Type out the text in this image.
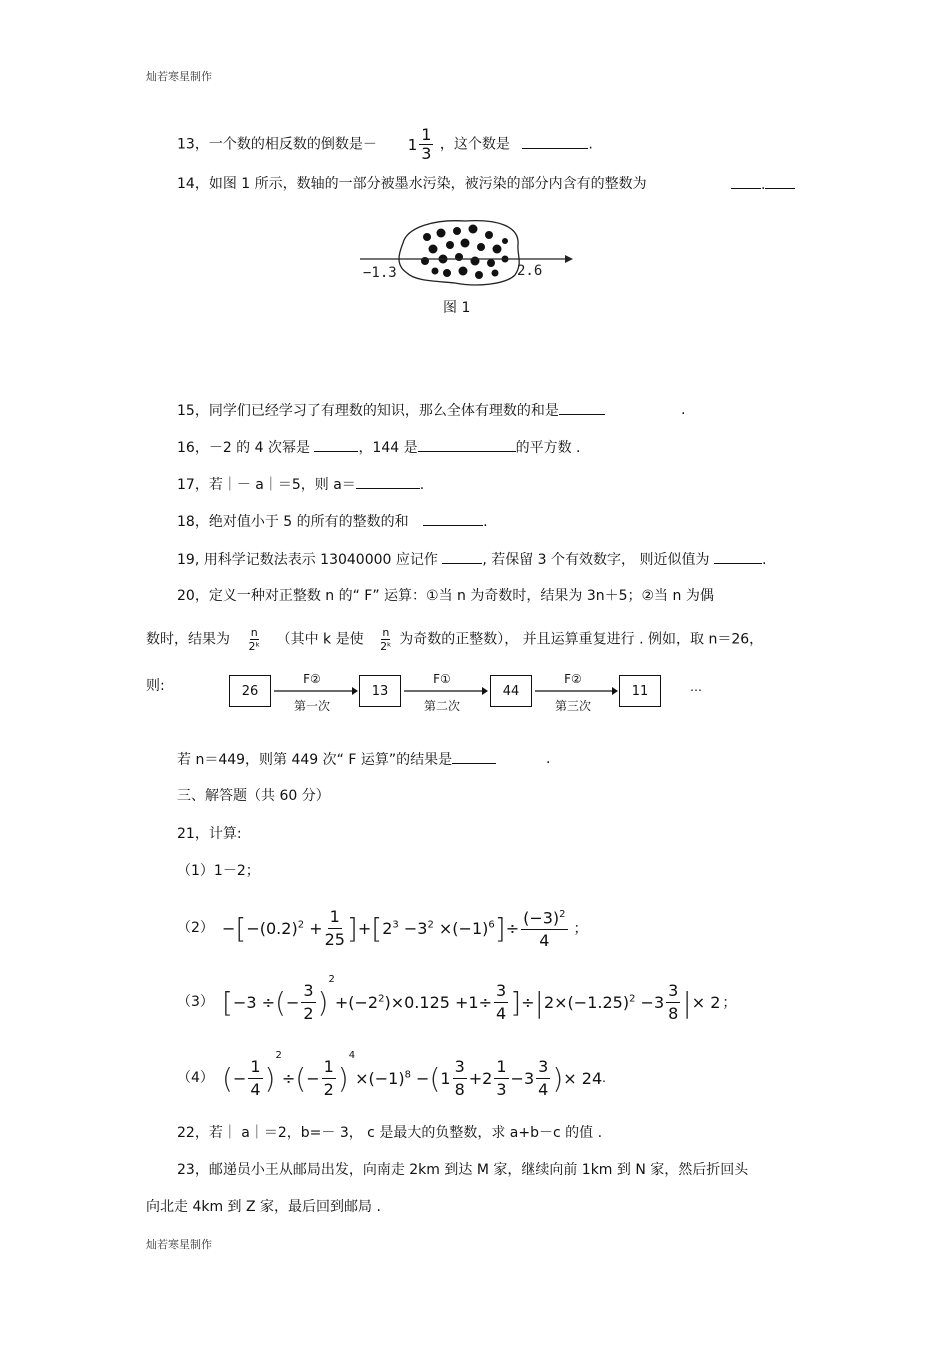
灿若寒星制作
13，一个数的相反数的倒数是－ $1 \frac{1}{3}$ ，这个数是	.
14，如图 1 所示，数轴的一部分被墨水污染，被污染的部分内含有的整数为	.
−1.3	2.6
图 1
15，同学们已经学习了有理数的知识，那么全体有理数的和是	.
16，－2 的 4 次幂是	，144 是	的平方数 .
17，若｜－ a｜＝5，则 a＝	.
18，绝对值小于 5 的所有的整数的和	.
19, 用科学记数法表示 13040000 应记作	, 若保留 3 个有效数字， 则近似值为	.
20，定义一种对正整数 n 的“ F” 运算：①当 n 为奇数时，结果为 3n＋5；②当 n 为偶
数时，结果为 $\frac{n}{\text{2ᵏ}}$ （其中 k 是使 $\frac{n}{\text{2ᵏ}}$ 为奇数的正整数）， 并且运算重复进行 . 例如，取 n＝26，
则:	26	13	44	11
F②	F①	F②
第一次	第二次	第三次
…
若 n＝449，则第 449 次“ F 运算”的结果是	.
三、解答题（共 60 分）
21，计算:
（1）1－2；
（2） − [ $-(0.2)^2 + \frac{1}{25}$ ] + [ $2^3 -3^2 \times(-1)^6$ ] ÷ $\frac{(-3)^2}{4}$ ；
（3） [ −3 ÷ ( − $\frac{3}{2}$ )
2
$+(-2^2)\times 0.125 +1\div \frac{3}{4}$ ] ÷ | $2\times(-1.25)^2 -3$
3
8 | × 2 ；
（4） ( − $\frac{1}{4}$ )
2
÷ ( − $\frac{1}{2}$ )
4
$\times(-1)^8$ − ( 1
3
8
+2
1
3
−3
3
4 ) × 24 .
22，若｜ a｜＝2，b=－ 3， c 是最大的负整数，求 a+b－c 的值 .
23，邮递员小王从邮局出发，向南走 2km 到达 M 家，继续向前 1km 到 N 家，然后折回头
向北走 4km 到 Z 家，最后回到邮局 .
灿若寒星制作
